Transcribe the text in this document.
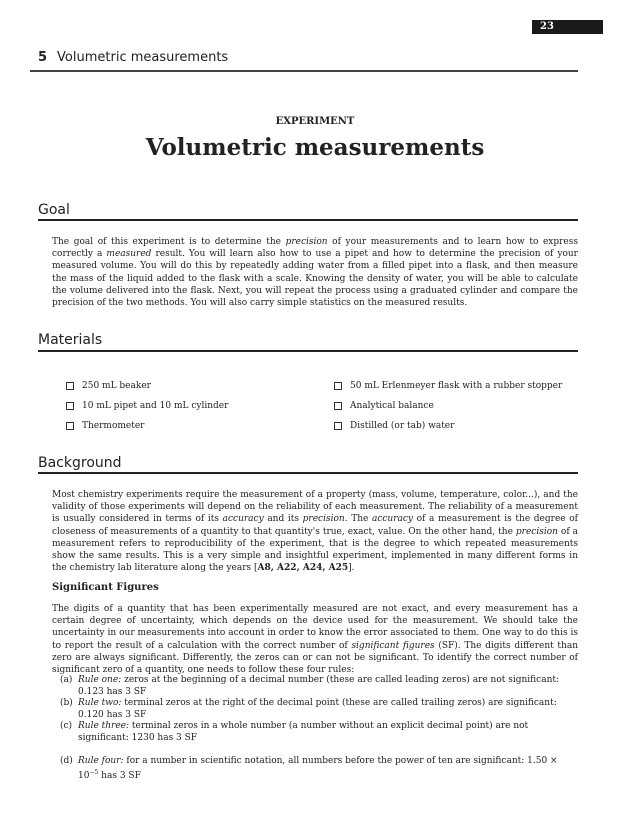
23
5 Volumetric measurements
EXPERIMENT
Volumetric measurements
Goal
The goal of this experiment is to determine the precision of your measurements and to learn how to express correctly a measured result. You will learn also how to use a pipet and how to determine the precision of your measured volume. You will do this by repeatedly adding water from a filled pipet into a flask, and then measure the mass of the liquid added to the flask with a scale. Knowing the density of water, you will be able to calculate the volume delivered into the flask. Next, you will repeat the process using a graduated cylinder and compare the precision of the two methods. You will also carry simple statistics on the measured results.
Materials
250 mL beaker
10 mL pipet and 10 mL cylinder
Thermometer
50 mL Erlenmeyer flask with a rubber stopper
Analytical balance
Distilled (or tab) water
Background
Most chemistry experiments require the measurement of a property (mass, volume, temperature, color...), and the validity of those experiments will depend on the reliability of each measurement. The reliability of a measurement is usually considered in terms of its accuracy and its precision. The accuracy of a measurement is the degree of closeness of measurements of a quantity to that quantity's true, exact, value. On the other hand, the precision of a measurement refers to reproducibility of the experiment, that is the degree to which repeated measurements show the same results. This is a very simple and insightful experiment, implemented in many different forms in the chemistry lab literature along the years [A8, A22, A24, A25].
Significant Figures
The digits of a quantity that has been experimentally measured are not exact, and every measurement has a certain degree of uncertainty, which depends on the device used for the measurement. We should take the uncertainty in our measurements into account in order to know the error associated to them. One way to do this is to report the result of a calculation with the correct number of significant figures (SF). The digits different than zero are always significant. Differently, the zeros can or can not be significant. To identify the correct number of significant zero of a quantity, one needs to follow these four rules:
(a) Rule one: zeros at the beginning of a decimal number (these are called leading zeros) are not significant: 0.123 has 3 SF
(b) Rule two: terminal zeros at the right of the decimal point (these are called trailing zeros) are significant: 0.120 has 3 SF
(c) Rule three: terminal zeros in a whole number (a number without an explicit decimal point) are not significant: 1230 has 3 SF
(d) Rule four: for a number in scientific notation, all numbers before the power of ten are significant: $1.50 \times 10^{-5}$ has 3 SF
